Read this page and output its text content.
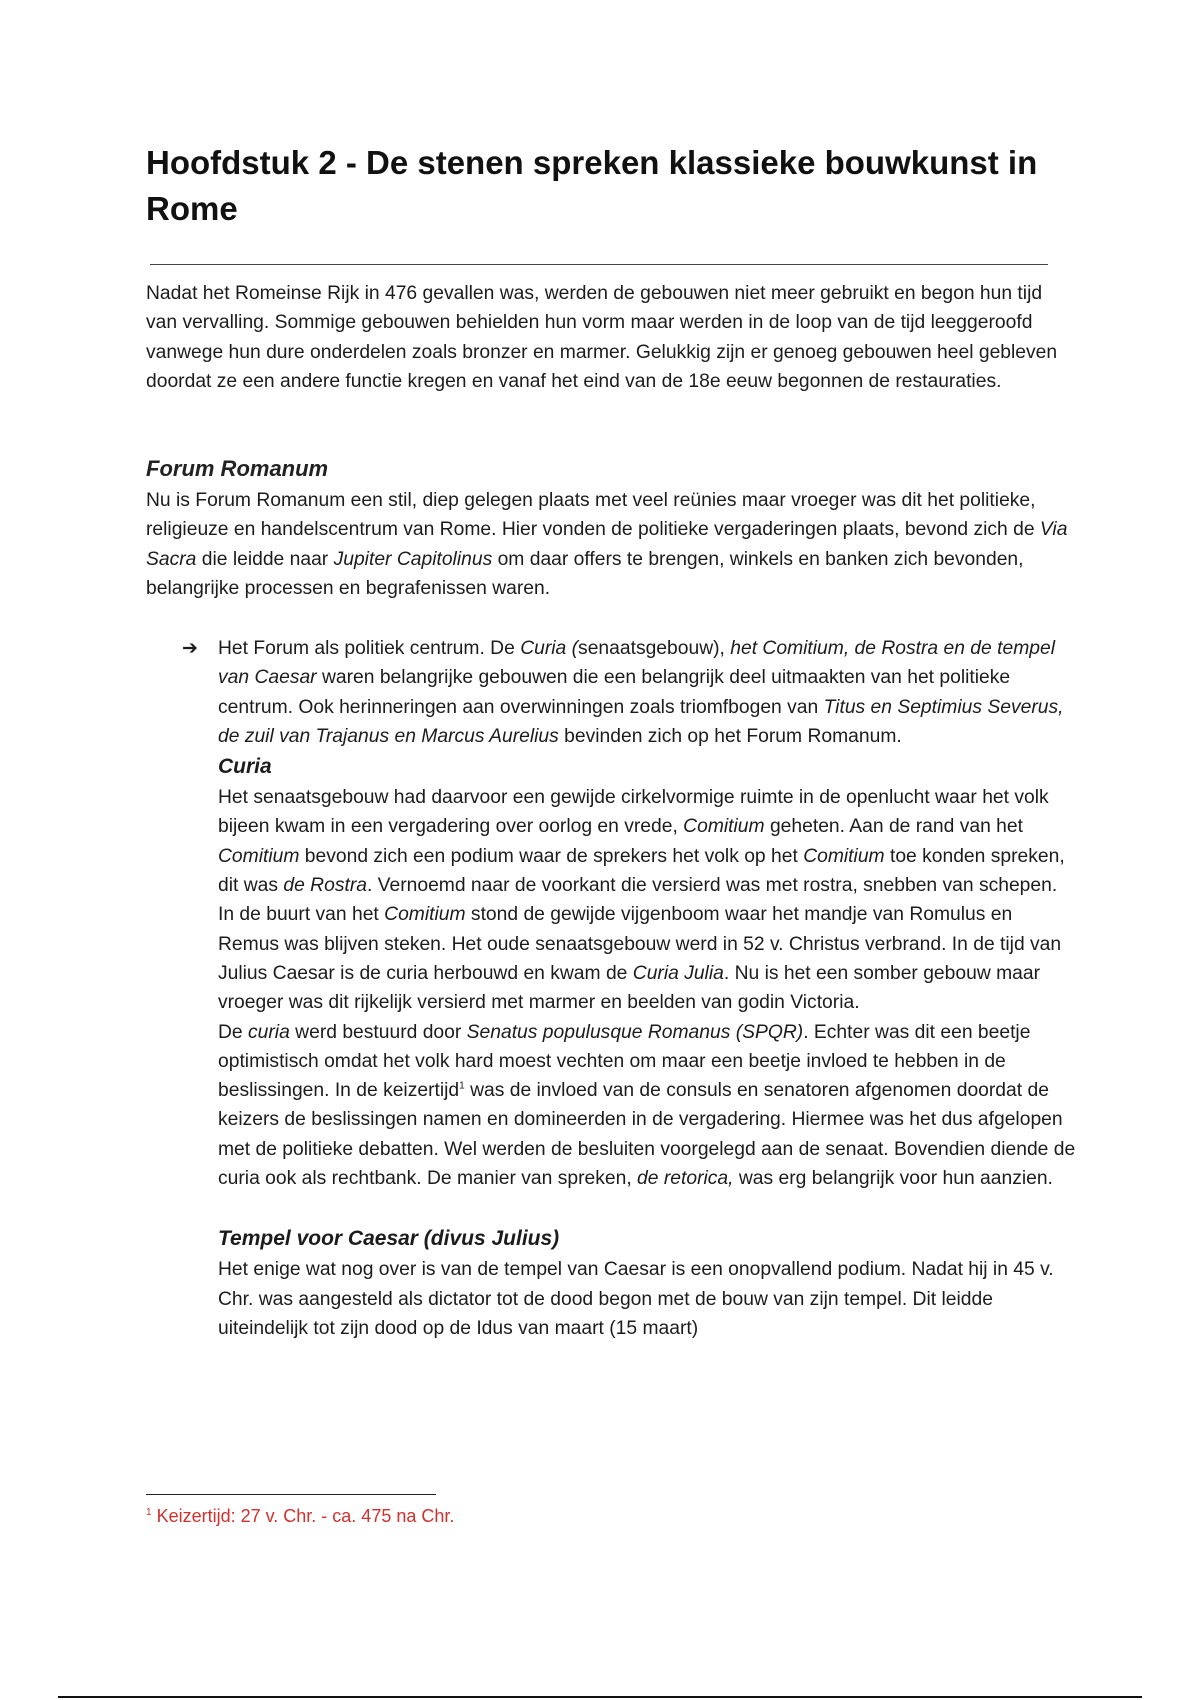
Hoofdstuk 2 - De stenen spreken klassieke bouwkunst in Rome

Nadat het Romeinse Rijk in 476 gevallen was, werden de gebouwen niet meer gebruikt en begon hun tijd van vervalling. Sommige gebouwen behielden hun vorm maar werden in de loop van de tijd leeggeroofd vanwege hun dure onderdelen zoals bronzer en marmer. Gelukkig zijn er genoeg gebouwen heel gebleven doordat ze een andere functie kregen en vanaf het eind van de 18e eeuw begonnen de restauraties.

Forum Romanum

Nu is Forum Romanum een stil, diep gelegen plaats met veel reünies maar vroeger was dit het politieke, religieuze en handelscentrum van Rome. Hier vonden de politieke vergaderingen plaats, bevond zich de Via Sacra die leidde naar Jupiter Capitolinus om daar offers te brengen, winkels en banken zich bevonden, belangrijke processen en begrafenissen waren.

➔ Het Forum als politiek centrum. De Curia (senaatsgebouw), het Comitium, de Rostra en de tempel van Caesar waren belangrijke gebouwen die een belangrijk deel uitmaakten van het politieke centrum. Ook herinneringen aan overwinningen zoals triomfbogen van Titus en Septimius Severus, de zuil van Trajanus en Marcus Aurelius bevinden zich op het Forum Romanum.

Curia

Het senaatsgebouw had daarvoor een gewijde cirkelvormige ruimte in de openlucht waar het volk bijeen kwam in een vergadering over oorlog en vrede, Comitium geheten. Aan de rand van het Comitium bevond zich een podium waar de sprekers het volk op het Comitium toe konden spreken, dit was de Rostra. Vernoemd naar de voorkant die versierd was met rostra, snebben van schepen. In de buurt van het Comitium stond de gewijde vijgenboom waar het mandje van Romulus en Remus was blijven steken. Het oude senaatsgebouw werd in 52 v. Christus verbrand. In de tijd van Julius Caesar is de curia herbouwd en kwam de Curia Julia. Nu is het een somber gebouw maar vroeger was dit rijkelijk versierd met marmer en beelden van godin Victoria.

De curia werd bestuurd door Senatus populusque Romanus (SPQR). Echter was dit een beetje optimistisch omdat het volk hard moest vechten om maar een beetje invloed te hebben in de beslissingen. In de keizertijd$^1$ was de invloed van de consuls en senatoren afgenomen doordat de keizers de beslissingen namen en domineerden in de vergadering. Hiermee was het dus afgelopen met de politieke debatten. Wel werden de besluiten voorgelegd aan de senaat. Bovendien diende de curia ook als rechtbank. De manier van spreken, de retorica, was erg belangrijk voor hun aanzien.

Tempel voor Caesar (divus Julius)

Het enige wat nog over is van de tempel van Caesar is een onopvallend podium. Nadat hij in 45 v. Chr. was aangesteld als dictator tot de dood begon met de bouw van zijn tempel. Dit leidde uiteindelijk tot zijn dood op de Idus van maart (15 maart)

$^1$ Keizertijd: 27 v. Chr. - ca. 475 na Chr.
